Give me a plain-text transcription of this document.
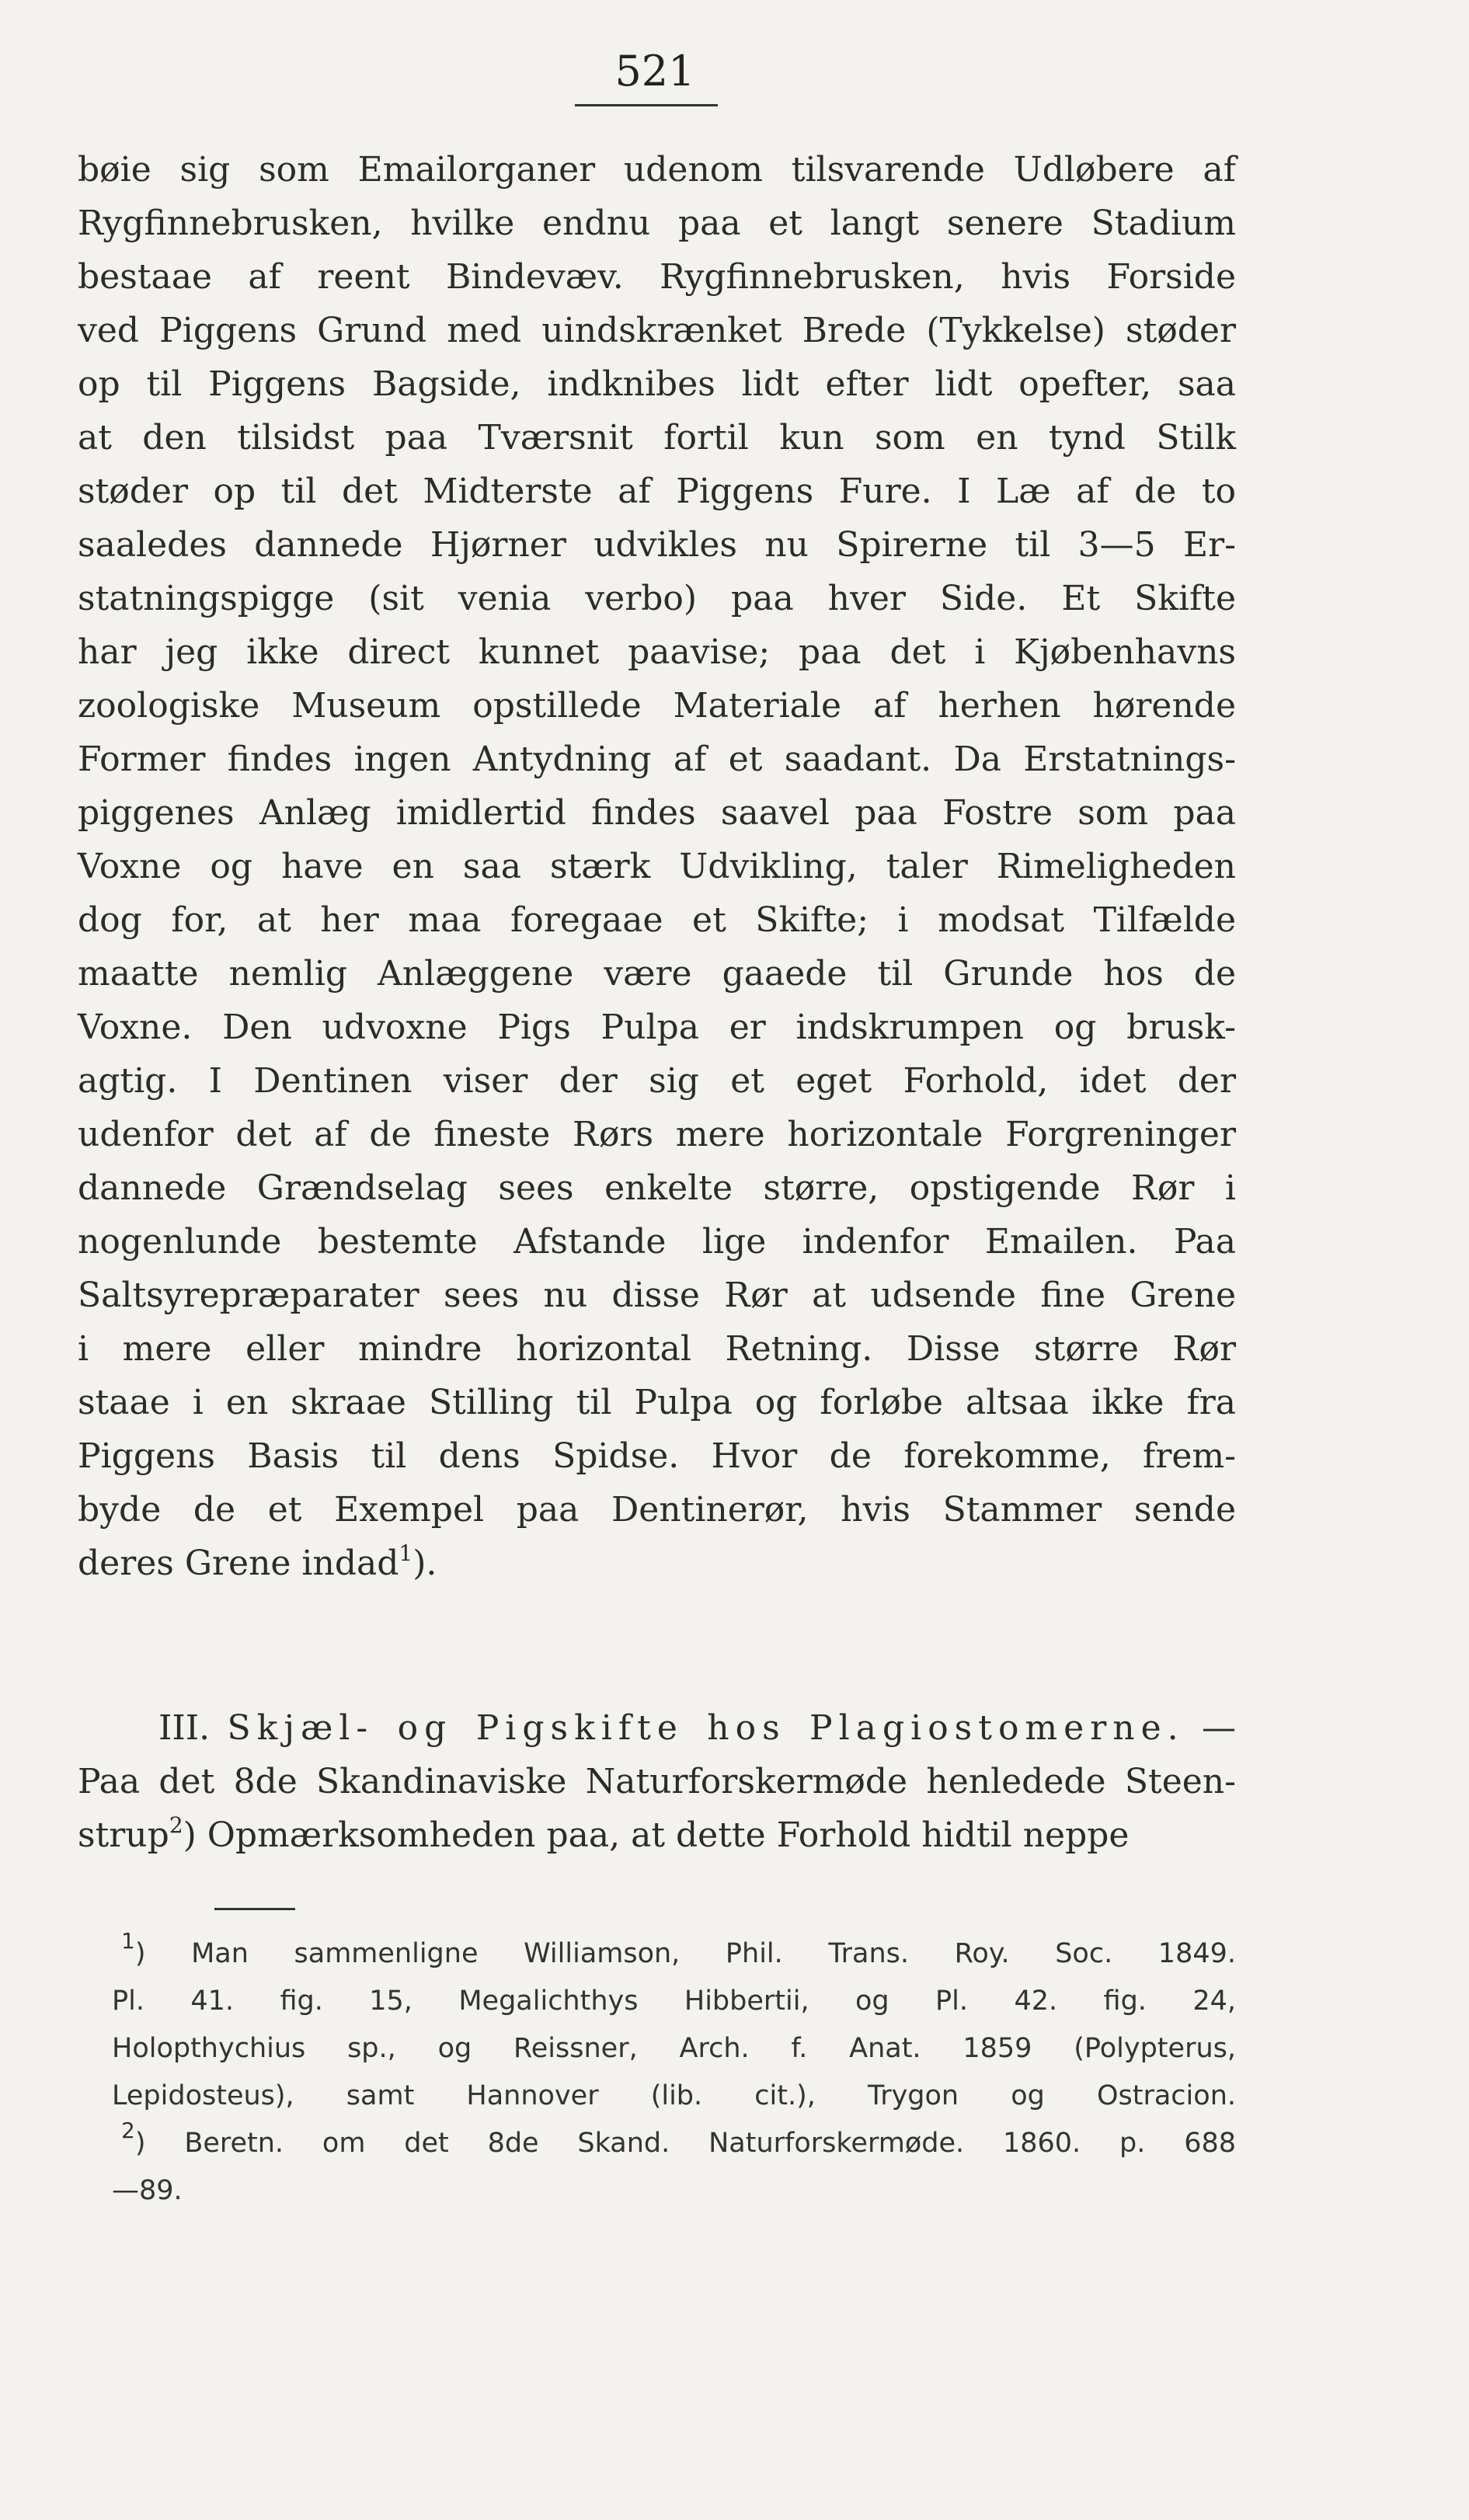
521
bøie sig som Emailorganer udenom tilsvarende Udløbere af
Rygfinnebrusken, hvilke endnu paa et langt senere Stadium
bestaae af reent Bindevæv. Rygfinnebrusken, hvis Forside
ved Piggens Grund med uindskrænket Brede (Tykkelse) støder
op til Piggens Bagside, indknibes lidt efter lidt opefter, saa
at den tilsidst paa Tværsnit fortil kun som en tynd Stilk
støder op til det Midterste af Piggens Fure. I Læ af de to
saaledes dannede Hjørner udvikles nu Spirerne til 3—5 Er-
statningspigge (sit venia verbo) paa hver Side. Et Skifte
har jeg ikke direct kunnet paavise; paa det i Kjøbenhavns
zoologiske Museum opstillede Materiale af herhen hørende
Former findes ingen Antydning af et saadant. Da Erstatnings-
piggenes Anlæg imidlertid findes saavel paa Fostre som paa
Voxne og have en saa stærk Udvikling, taler Rimeligheden
dog for, at her maa foregaae et Skifte; i modsat Tilfælde
maatte nemlig Anlæggene være gaaede til Grunde hos de
Voxne. Den udvoxne Pigs Pulpa er indskrumpen og brusk-
agtig. I Dentinen viser der sig et eget Forhold, idet der
udenfor det af de fineste Rørs mere horizontale Forgreninger
dannede Grændselag sees enkelte større, opstigende Rør i
nogenlunde bestemte Afstande lige indenfor Emailen. Paa
Saltsyrepræparater sees nu disse Rør at udsende fine Grene
i mere eller mindre horizontal Retning. Disse større Rør
staae i en skraae Stilling til Pulpa og forløbe altsaa ikke fra
Piggens Basis til dens Spidse. Hvor de forekomme, frem-
byde de et Exempel paa Dentinerør, hvis Stammer sende
deres Grene indad$^1$).
III. Skjæl- og Pigskifte hos Plagiostomerne. —
Paa det 8de Skandinaviske Naturforskermøde henledede Steen-
strup$^2$) Opmærksomheden paa, at dette Forhold hidtil neppe
$^1$) Man sammenligne Williamson, Phil. Trans. Roy. Soc. 1849.
Pl. 41. fig. 15, Megalichthys Hibbertii, og Pl. 42. fig. 24,
Holopthychius sp., og Reissner, Arch. f. Anat. 1859 (Polypterus,
Lepidosteus), samt Hannover (lib. cit.), Trygon og Ostracion.
$^2$) Beretn. om det 8de Skand. Naturforskermøde. 1860. p. 688
—89.
